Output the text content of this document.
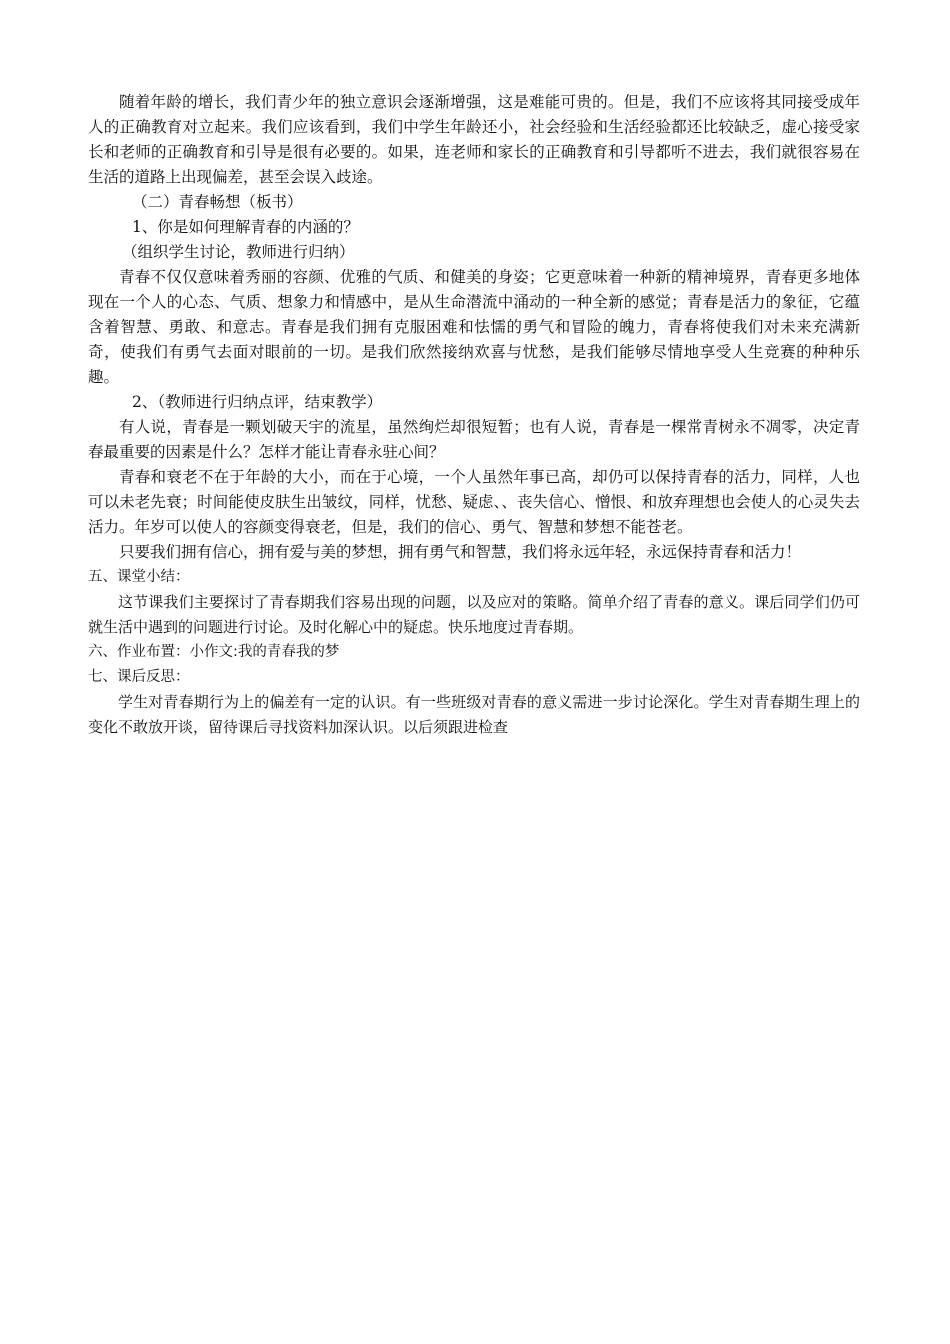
随着年龄的增长，我们青少年的独立意识会逐渐增强，这是难能可贵的。但是，我们不应该将其同接受成年人的正确教育对立起来。我们应该看到，我们中学生年龄还小，社会经验和生活经验都还比较缺乏，虚心接受家长和老师的正确教育和引导是很有必要的。如果，连老师和家长的正确教育和引导都听不进去，我们就很容易在生活的道路上出现偏差，甚至会误入歧途。

（二）青春畅想（板书）

1、你是如何理解青春的内涵的？

（组织学生讨论，教师进行归纳）

青春不仅仅意味着秀丽的容颜、优雅的气质、和健美的身姿；它更意味着一种新的精神境界，青春更多地体现在一个人的心态、气质、想象力和情感中，是从生命潜流中涌动的一种全新的感觉；青春是活力的象征，它蕴含着智慧、勇敢、和意志。青春是我们拥有克服困难和怯懦的勇气和冒险的魄力，青春将使我们对未来充满新奇，使我们有勇气去面对眼前的一切。是我们欣然接纳欢喜与忧愁，是我们能够尽情地享受人生竞赛的种种乐趣。

2、（教师进行归纳点评，结束教学）

有人说，青春是一颗划破天宇的流星，虽然绚烂却很短暂；也有人说，青春是一棵常青树永不凋零，决定青春最重要的因素是什么？怎样才能让青春永驻心间？

青春和衰老不在于年龄的大小，而在于心境，一个人虽然年事已高，却仍可以保持青春的活力，同样，人也可以未老先衰；时间能使皮肤生出皱纹，同样，忧愁、疑虑、、丧失信心、憎恨、和放弃理想也会使人的心灵失去活力。年岁可以使人的容颜变得衰老，但是，我们的信心、勇气、智慧和梦想不能苍老。

只要我们拥有信心，拥有爱与美的梦想，拥有勇气和智慧，我们将永远年轻，永远保持青春和活力！

五、课堂小结：

这节课我们主要探讨了青春期我们容易出现的问题，以及应对的策略。简单介绍了青春的意义。课后同学们仍可就生活中遇到的问题进行讨论。及时化解心中的疑虑。快乐地度过青春期。

六、作业布置：小作文:我的青春我的梦

七、课后反思：

学生对青春期行为上的偏差有一定的认识。有一些班级对青春的意义需进一步讨论深化。学生对青春期生理上的变化不敢放开谈，留待课后寻找资料加深认识。以后须跟进检查
